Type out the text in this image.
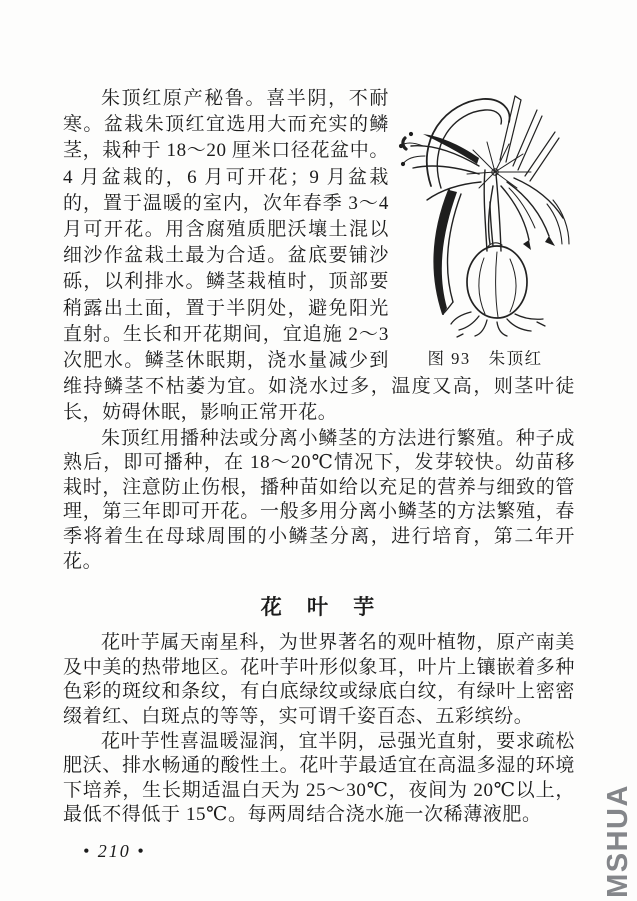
图 93　朱顶红

朱顶红原产秘鲁。喜半阴，不耐寒。盆栽朱顶红宜选用大而充实的鳞茎，栽种于 18～20 厘米口径花盆中。4 月盆栽的，6 月可开花；9 月盆栽的，置于温暖的室内，次年春季 3～4 月可开花。用含腐殖质肥沃壤土混以细沙作盆栽土最为合适。盆底要铺沙砾，以利排水。鳞茎栽植时，顶部要稍露出土面，置于半阴处，避免阳光直射。生长和开花期间，宜追施 2～3 次肥水。鳞茎休眠期，浇水量减少到维持鳞茎不枯萎为宜。如浇水过多，温度又高，则茎叶徒长，妨碍休眠，影响正常开花。

朱顶红用播种法或分离小鳞茎的方法进行繁殖。种子成熟后，即可播种，在 18～20℃情况下，发芽较快。幼苗移栽时，注意防止伤根，播种苗如给以充足的营养与细致的管理，第三年即可开花。一般多用分离小鳞茎的方法繁殖，春季将着生在母球周围的小鳞茎分离，进行培育，第二年开花。

花 叶 芋

花叶芋属天南星科，为世界著名的观叶植物，原产南美及中美的热带地区。花叶芋叶形似象耳，叶片上镶嵌着多种色彩的斑纹和条纹，有白底绿纹或绿底白纹，有绿叶上密密缀着红、白斑点的等等，实可谓千姿百态、五彩缤纷。

花叶芋性喜温暖湿润，宜半阴，忌强光直射，要求疏松肥沃、排水畅通的酸性土。花叶芋最适宜在高温多湿的环境下培养，生长期适温白天为 25～30℃，夜间为 20℃以上，最低不得低于 15℃。每两周结合浇水施一次稀薄液肥。

• 210 •	MSHUA
